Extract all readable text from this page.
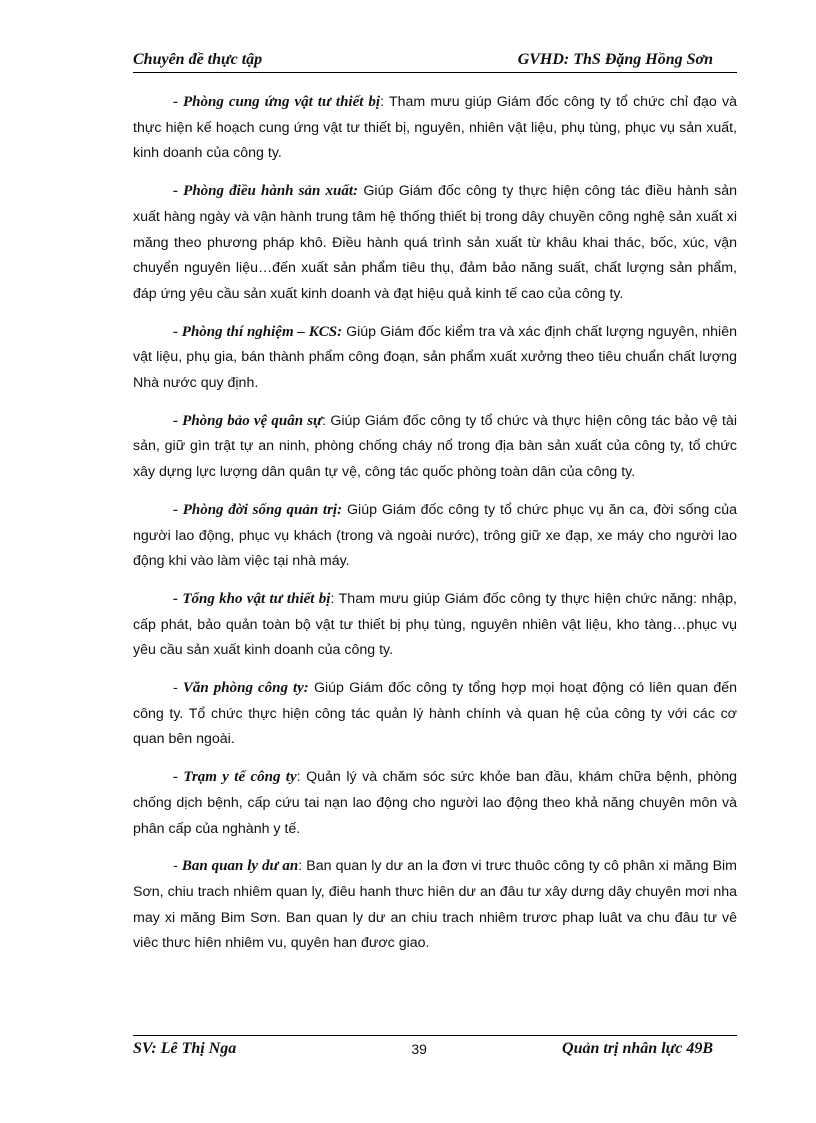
Chuyên đề thực tập	GVHD: ThS Đặng Hồng Sơn

- Phòng cung ứng vật tư thiết bị: Tham mưu giúp Giám đốc công ty tổ chức chỉ đạo và thực hiện kế hoạch cung ứng vật tư thiết bị, nguyên, nhiên vật liệu, phụ tùng, phục vụ sản xuất, kinh doanh của công ty.

- Phòng điều hành sản xuất: Giúp Giám đốc công ty thực hiện công tác điều hành sản xuất hàng ngày và vận hành trung tâm hệ thống thiết bị trong dây chuyền công nghệ sản xuất xi măng theo phương pháp khô. Điều hành quá trình sản xuất từ khâu khai thác, bốc, xúc, vận chuyển nguyên liệu…đến xuất sản phẩm tiêu thụ, đảm bảo năng suất, chất lượng sản phẩm, đáp ứng yêu cầu sản xuất kinh doanh và đạt hiệu quả kinh tế cao của công ty.

- Phòng thí nghiệm – KCS: Giúp Giám đốc kiểm tra và xác định chất lượng nguyên, nhiên vật liệu, phụ gia, bán thành phẩm công đoạn, sản phẩm xuất xưởng theo tiêu chuẩn chất lượng Nhà nước quy định.

- Phòng bảo vệ quân sự: Giúp Giám đốc công ty tổ chức và thực hiện công tác bảo vệ tài sản, giữ gìn trật tự an ninh, phòng chống cháy nổ trong địa bàn sản xuất của công ty, tổ chức xây dựng lực lượng dân quân tự vệ, công tác quốc phòng toàn dân của công ty.

- Phòng đời sống quản trị: Giúp Giám đốc công ty tổ chức phục vụ ăn ca, đời sống của người lao động, phục vụ khách (trong và ngoài nước), trông giữ xe đạp, xe máy cho người lao động khi vào làm việc tại nhà máy.

- Tổng kho vật tư thiết bị: Tham mưu giúp Giám đốc công ty thực hiện chức năng: nhập, cấp phát, bảo quản toàn bộ vật tư thiết bị phụ tùng, nguyên nhiên vật liệu, kho tàng…phục vụ yêu cầu sản xuất kinh doanh của công ty.

- Văn phòng công ty: Giúp Giám đốc công ty tổng hợp mọi hoạt động có liên quan đến công ty. Tổ chức thực hiện công tác quản lý hành chính và quan hệ của công ty với các cơ quan bên ngoài.

- Trạm y tế công ty: Quản lý và chăm sóc sức khỏe ban đầu, khám chữa bệnh, phòng chống dịch bệnh, cấp cứu tai nạn lao động cho người lao động theo khả năng chuyên môn và phân cấp của nghành y tế.

- Ban quan ly dư an: Ban quan ly dư an la đơn vi trưc thuôc công ty cô phân xi măng Bim Sơn, chiu trach nhiêm quan ly, điêu hanh thưc hiên dư an đâu tư xây dưng dây chuyên mơi nha may xi măng Bim Sơn. Ban quan ly dư an chiu trach nhiêm trươc phap luât va chu đâu tư vê viêc thưc hiên nhiêm vu, quyên han đươc giao.

SV: Lê Thị Nga	39	Quản trị nhân lực 49B
